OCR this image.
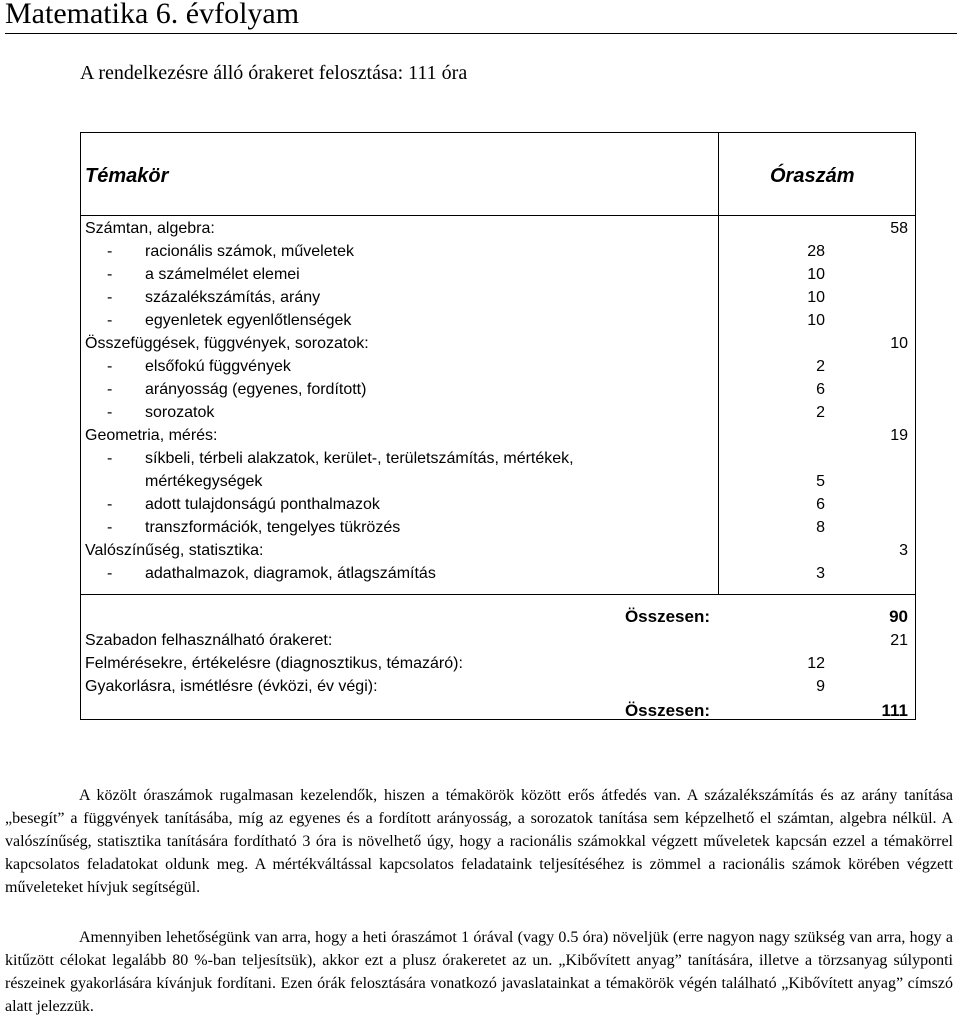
Matematika 6. évfolyam
A rendelkezésre álló órakeret felosztása: 111 óra
Témakör	Óraszám
Számtan, algebra:	58
- racionális számok, műveletek	28
- a számelmélet elemei	10
- százalékszámítás, arány	10
- egyenletek egyenlőtlenségek	10
Összefüggések, függvények, sorozatok:	10
- elsőfokú függvények	2
- arányosság (egyenes, fordított)	6
- sorozatok	2
Geometria, mérés:	19
- síkbeli, térbeli alakzatok, kerület-, területszámítás, mértékek,
mértékegységek	5
- adott tulajdonságú ponthalmazok	6
- transzformációk, tengelyes tükrözés	8
Valószínűség, statisztika:	3
- adathalmazok, diagramok, átlagszámítás	3
Összesen:	90
Szabadon felhasználható órakeret:	21
Felmérésekre, értékelésre (diagnosztikus, témazáró):	12
Gyakorlásra, ismétlésre (évközi, év végi):	9
Összesen:	111
A közölt óraszámok rugalmasan kezelendők, hiszen a témakörök között erős átfedés van. A százalékszámítás és az arány tanítása „besegít” a függvények tanításába, míg az egyenes és a fordított arányosság, a sorozatok tanítása sem képzelhető el számtan, algebra nélkül. A valószínűség, statisztika tanítására fordítható 3 óra is növelhető úgy, hogy a racionális számokkal végzett műveletek kapcsán ezzel a témakörrel kapcsolatos feladatokat oldunk meg. A mértékváltással kapcsolatos feladataink teljesítéséhez is zömmel a racionális számok körében végzett műveleteket hívjuk segítségül.
Amennyiben lehetőségünk van arra, hogy a heti óraszámot 1 órával (vagy 0.5 óra) növeljük (erre nagyon nagy szükség van arra, hogy a kitűzött célokat legalább 80 %-ban teljesítsük), akkor ezt a plusz órakeretet az un. „Kibővített anyag” tanítására, illetve a törzsanyag súlyponti részeinek gyakorlására kívánjuk fordítani. Ezen órák felosztására vonatkozó javaslatainkat a témakörök végén található „Kibővített anyag” címszó alatt jelezzük.
